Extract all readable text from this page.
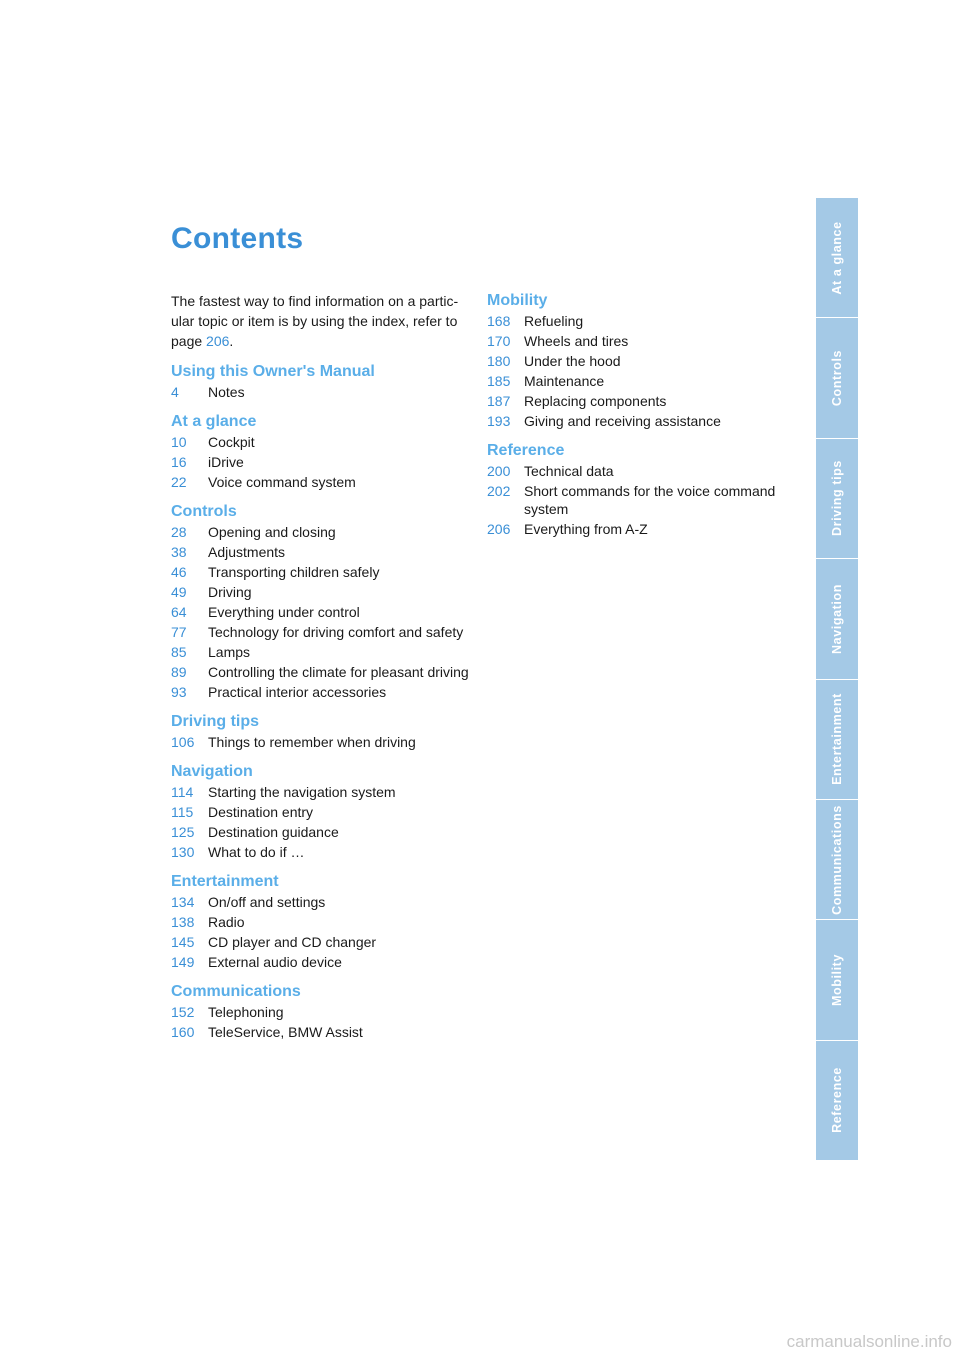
Contents

The fastest way to find information on a partic-ular topic or item is by using the index, refer to page 206.

Using this Owner's Manual
4	Notes
At a glance
10	Cockpit
16	iDrive
22	Voice command system
Controls
28	Opening and closing
38	Adjustments
46	Transporting children safely
49	Driving
64	Everything under control
77	Technology for driving comfort and safety
85	Lamps
89	Controlling the climate for pleasant driving
93	Practical interior accessories
Driving tips
106 Things to remember when driving
Navigation
114	Starting the navigation system
115	Destination entry
125 Destination guidance
130 What to do if …
Entertainment
134 On/off and settings
138 Radio
145 CD player and CD changer
149 External audio device
Communications
152 Telephoning
160 TeleService, BMW Assist
Mobility
168 Refueling
170 Wheels and tires
180 Under the hood
185 Maintenance
187 Replacing components
193 Giving and receiving assistance
Reference
200 Technical data
202 Short commands for the voice command system
206 Everything from A-Z
At a glance
Controls
Driving tips
Navigation
Entertainment
Communications
Mobility
Reference
carmanualsonline.info
